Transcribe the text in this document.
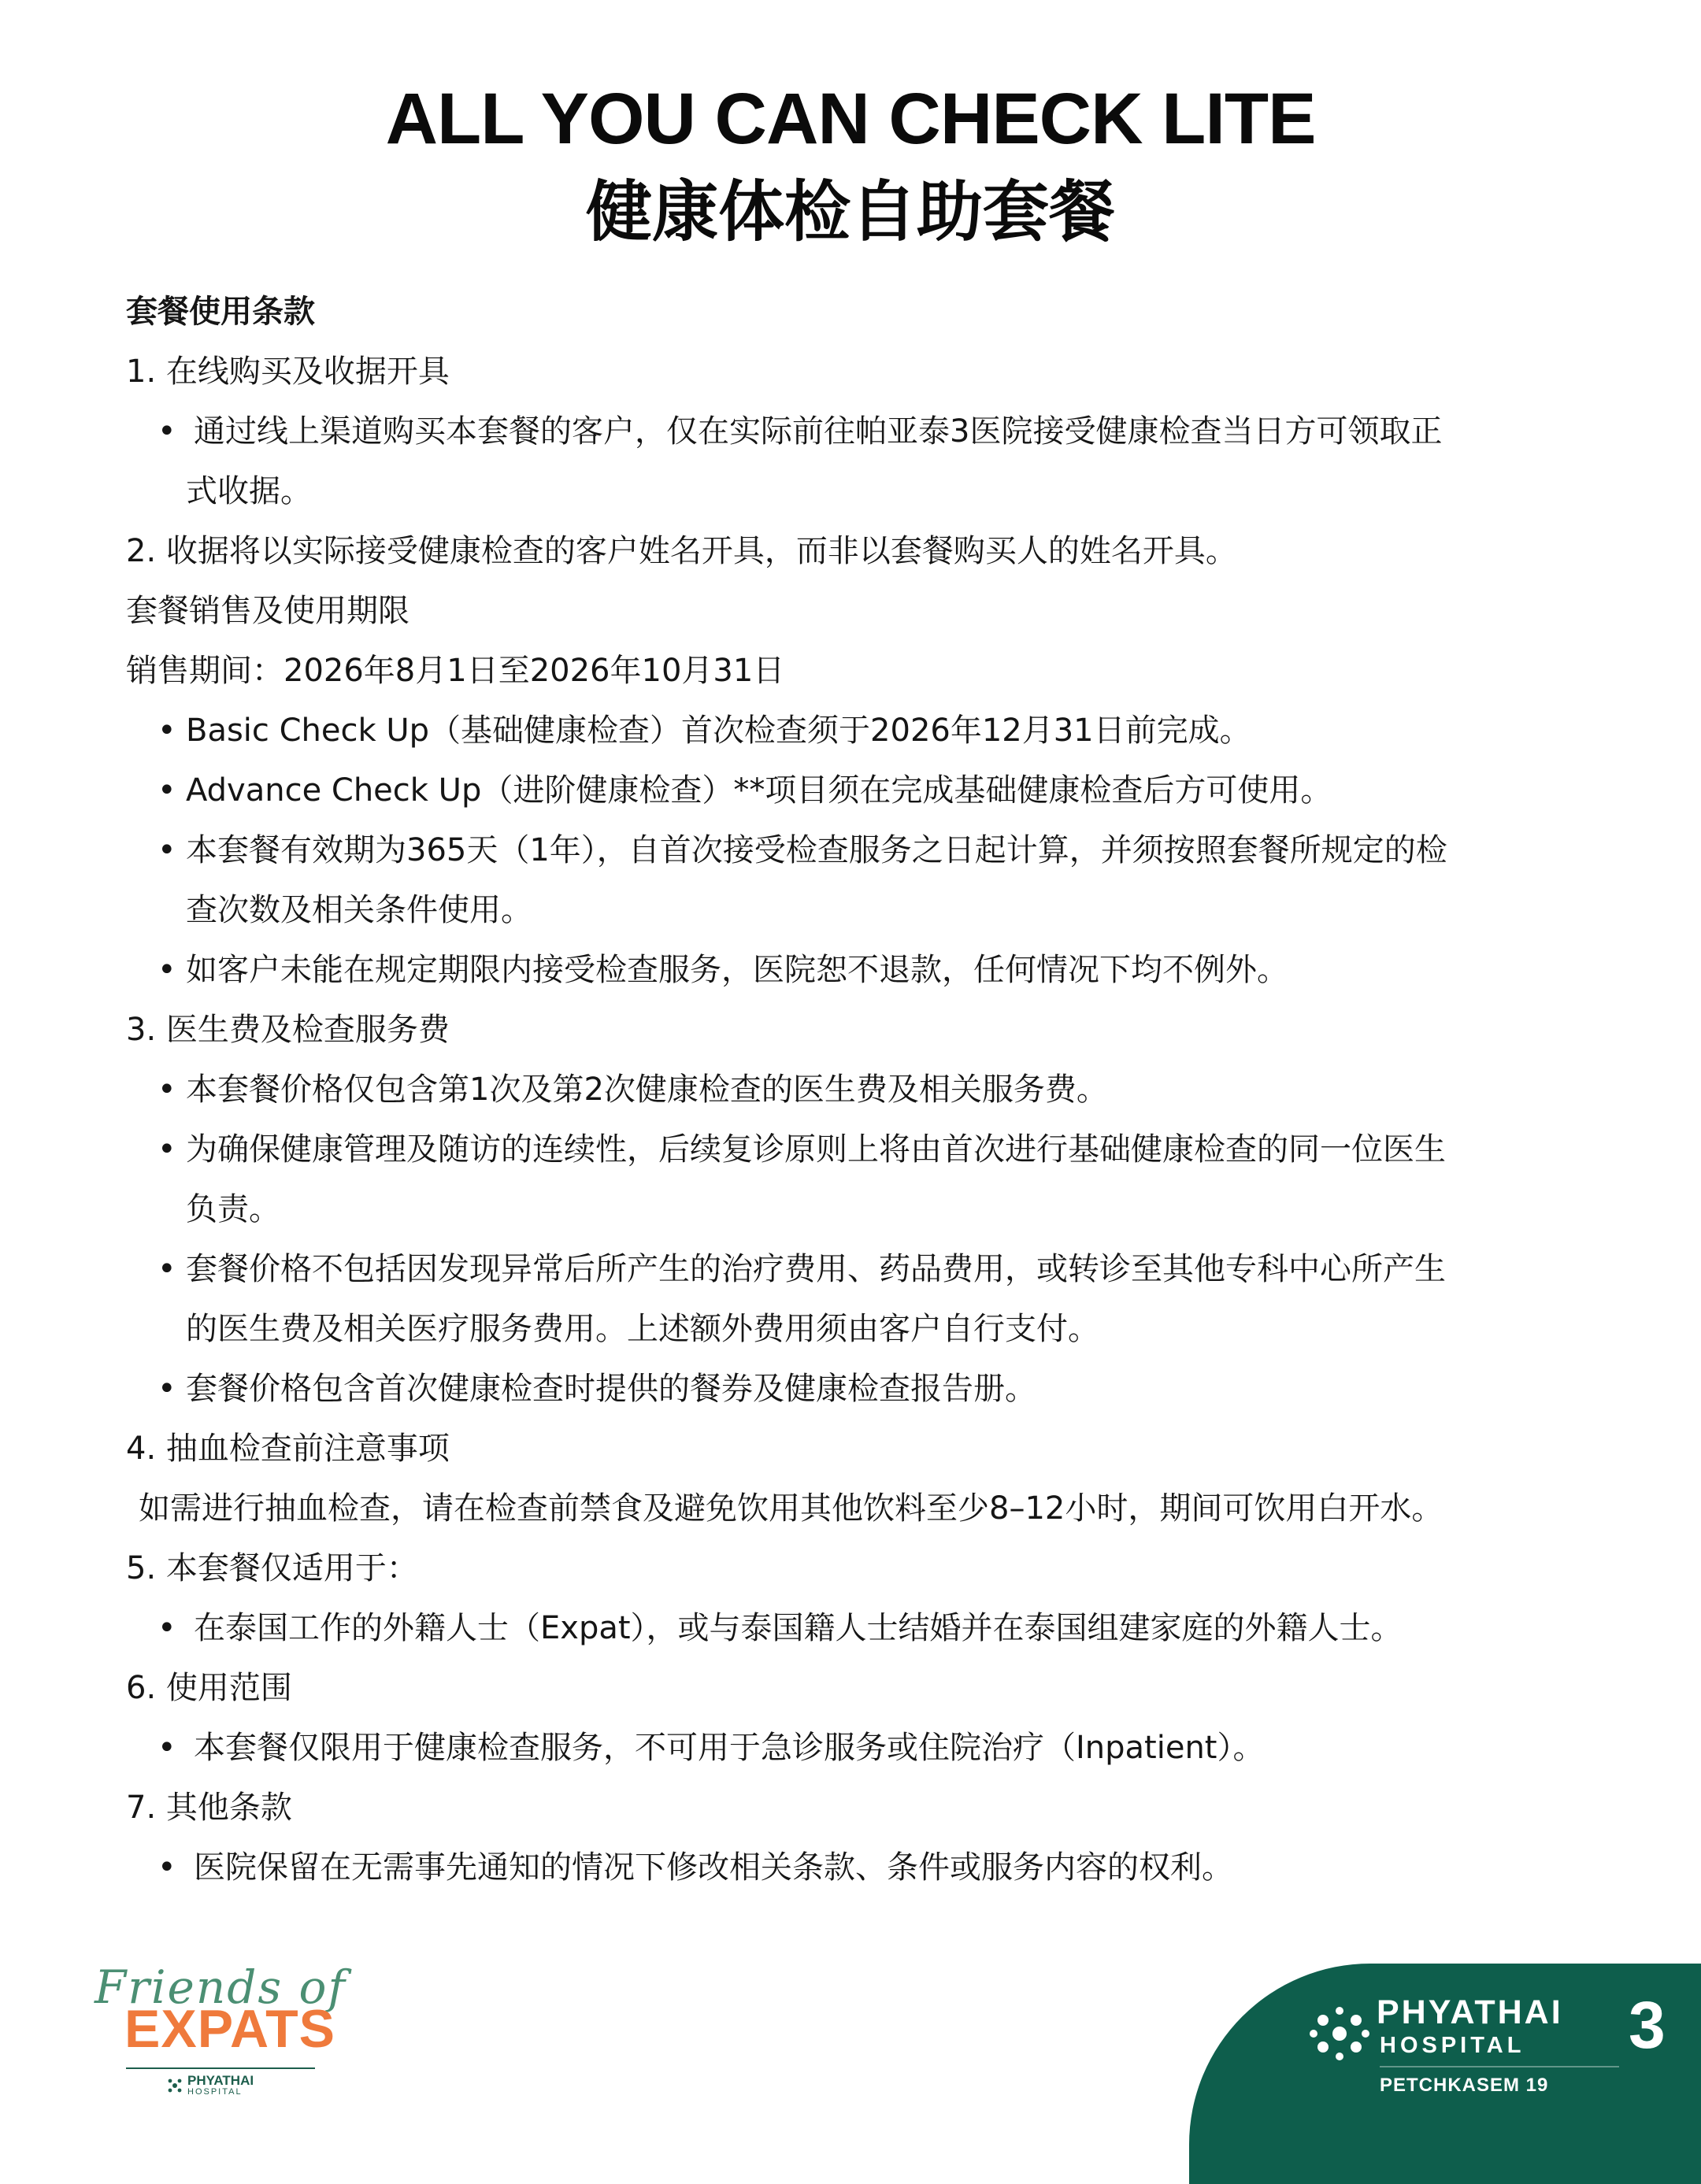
ALL YOU CAN CHECK LITE
健康体检自助套餐
套餐使用条款
1. 在线购买及收据开具
• 通过线上渠道购买本套餐的客户，仅在实际前往帕亚泰3医院接受健康检查当日方可领取正
式收据。
2. 收据将以实际接受健康检查的客户姓名开具，而非以套餐购买人的姓名开具。
套餐销售及使用期限
销售期间：2026年8月1日至2026年10月31日
• Basic Check Up（基础健康检查）首次检查须于2026年12月31日前完成。
• Advance Check Up（进阶健康检查）**项目须在完成基础健康检查后方可使用。
• 本套餐有效期为365天（1年），自首次接受检查服务之日起计算，并须按照套餐所规定的检
查次数及相关条件使用。
• 如客户未能在规定期限内接受检查服务，医院恕不退款，任何情况下均不例外。
3. 医生费及检查服务费
• 本套餐价格仅包含第1次及第2次健康检查的医生费及相关服务费。
• 为确保健康管理及随访的连续性，后续复诊原则上将由首次进行基础健康检查的同一位医生
负责。
• 套餐价格不包括因发现异常后所产生的治疗费用、药品费用，或转诊至其他专科中心所产生
的医生费及相关医疗服务费用。上述额外费用须由客户自行支付。
• 套餐价格包含首次健康检查时提供的餐券及健康检查报告册。
4. 抽血检查前注意事项
如需进行抽血检查，请在检查前禁食及避免饮用其他饮料至少8–12小时，期间可饮用白开水。
5. 本套餐仅适用于：
• 在泰国工作的外籍人士（Expat），或与泰国籍人士结婚并在泰国组建家庭的外籍人士。
6. 使用范围
• 本套餐仅限用于健康检查服务，不可用于急诊服务或住院治疗（Inpatient）。
7. 其他条款
• 医院保留在无需事先通知的情况下修改相关条款、条件或服务内容的权利。
Friends of
EXPATS
PHYATHAI
HOSPITAL
PHYATHAI
HOSPITAL 3
PETCHKASEM 19
